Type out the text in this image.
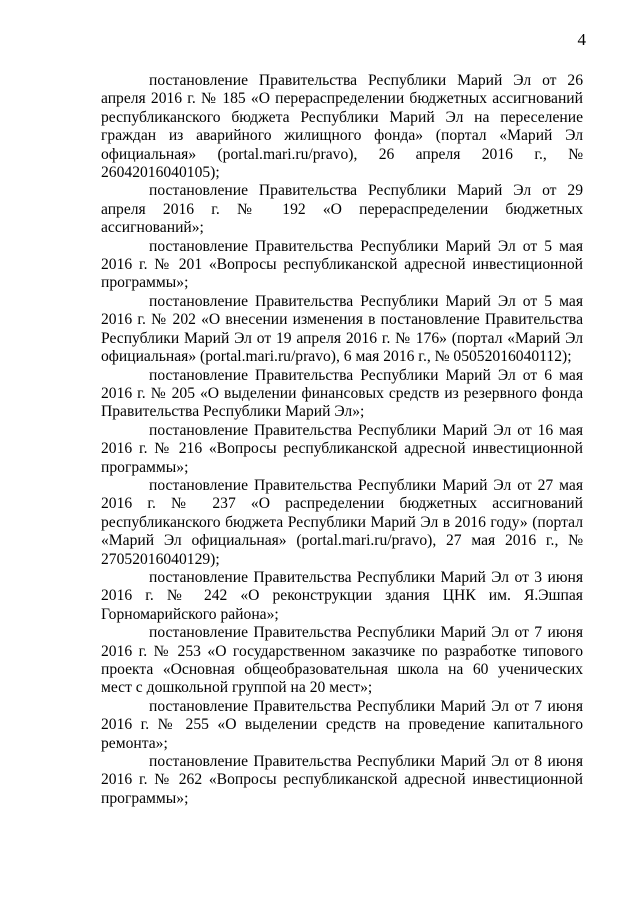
4

постановление Правительства Республики Марий Эл от 26 апреля 2016 г. № 185 «О перераспределении бюджетных ассигнований республиканского бюджета Республики Марий Эл на переселение граждан из аварийного жилищного фонда» (портал «Марий Эл официальная» (portal.mari.ru/pravo), 26 апреля 2016 г., № 26042016040105);

постановление Правительства Республики Марий Эл от 29 апреля 2016 г. № 192 «О перераспределении бюджетных ассигнований»;

постановление Правительства Республики Марий Эл от 5 мая 2016 г. № 201 «Вопросы республиканской адресной инвестиционной программы»;

постановление Правительства Республики Марий Эл от 5 мая 2016 г. № 202 «О внесении изменения в постановление Правительства Республики Марий Эл от 19 апреля 2016 г. № 176» (портал «Марий Эл официальная» (portal.mari.ru/pravo), 6 мая 2016 г., № 05052016040112);

постановление Правительства Республики Марий Эл от 6 мая 2016 г. № 205 «О выделении финансовых средств из резервного фонда Правительства Республики Марий Эл»;

постановление Правительства Республики Марий Эл от 16 мая 2016 г. № 216 «Вопросы республиканской адресной инвестиционной программы»;

постановление Правительства Республики Марий Эл от 27 мая 2016 г. № 237 «О распределении бюджетных ассигнований республиканского бюджета Республики Марий Эл в 2016 году» (портал «Марий Эл официальная» (portal.mari.ru/pravo), 27 мая 2016 г., № 27052016040129);

постановление Правительства Республики Марий Эл от 3 июня 2016 г. № 242 «О реконструкции здания ЦНК им. Я.Эшпая Горномарийского района»;

постановление Правительства Республики Марий Эл от 7 июня 2016 г. № 253 «О государственном заказчике по разработке типового проекта «Основная общеобразовательная школа на 60 ученических мест с дошкольной группой на 20 мест»;

постановление Правительства Республики Марий Эл от 7 июня 2016 г. № 255 «О выделении средств на проведение капитального ремонта»;

постановление Правительства Республики Марий Эл от 8 июня 2016 г. № 262 «Вопросы республиканской адресной инвестиционной программы»;
